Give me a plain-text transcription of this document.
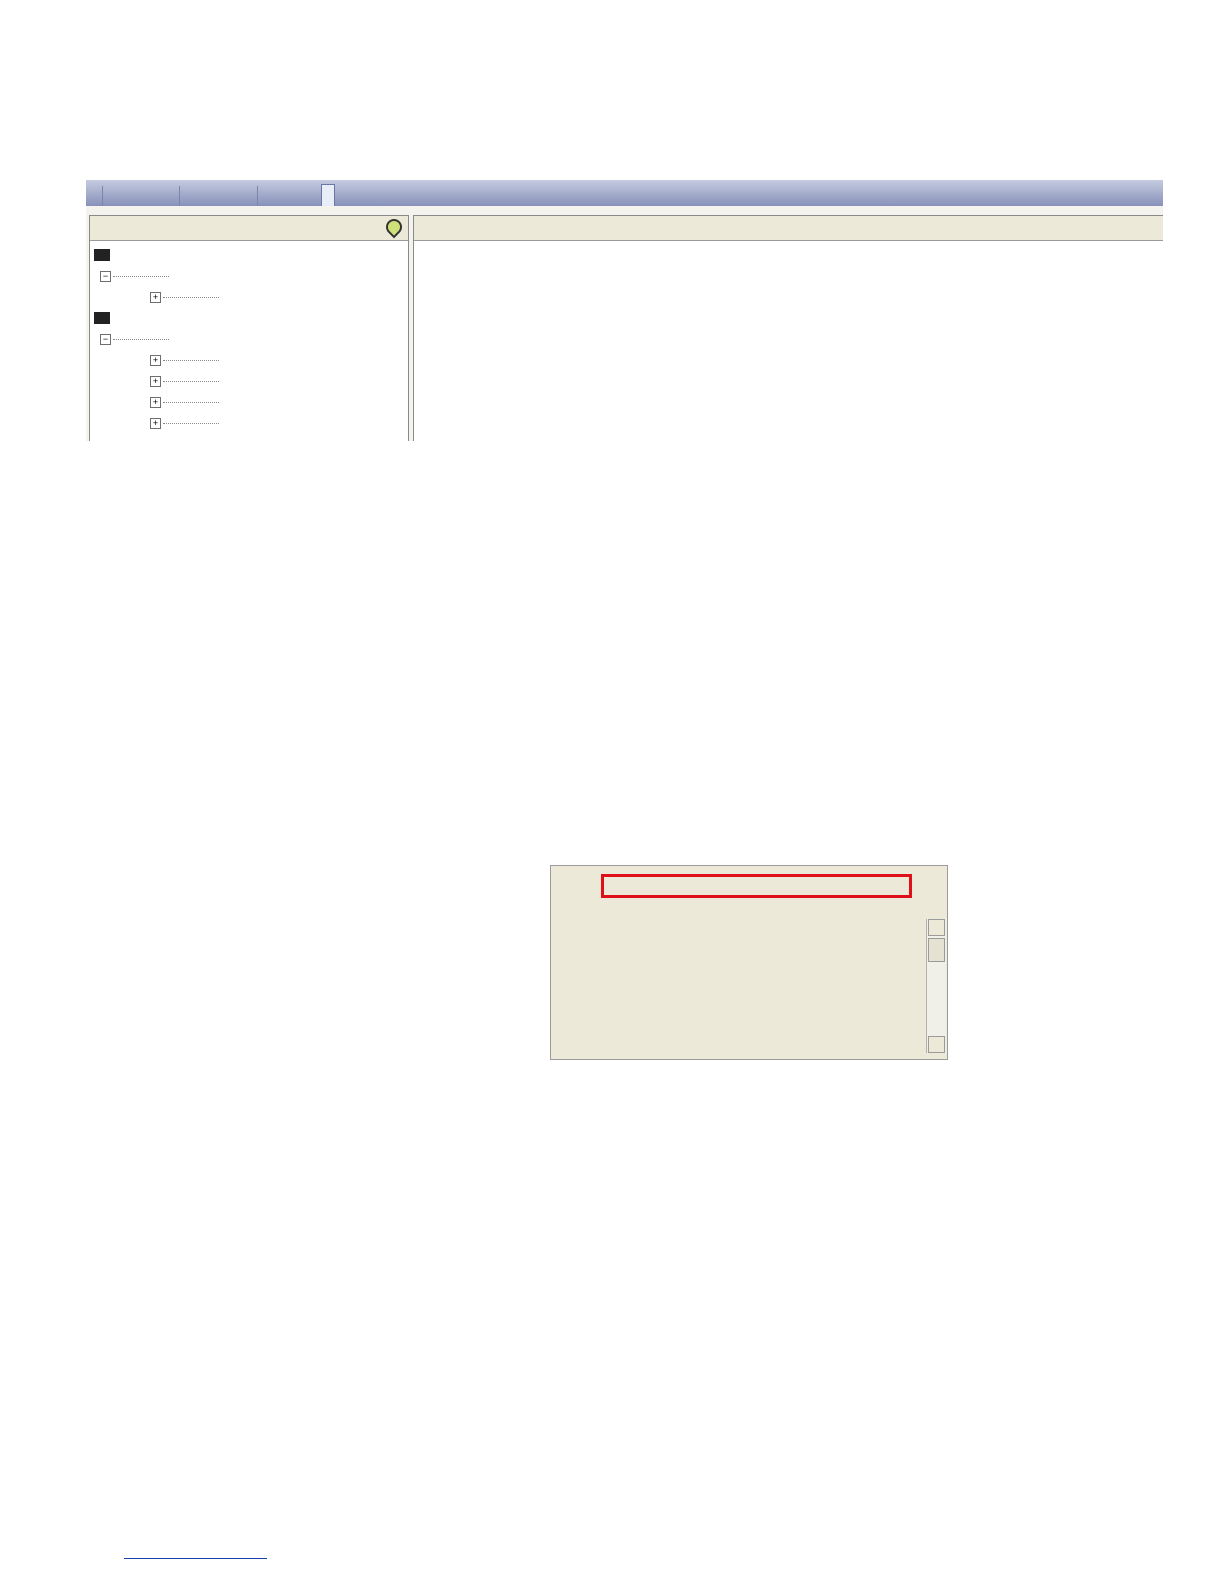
−
+
−
+
+
+
+
